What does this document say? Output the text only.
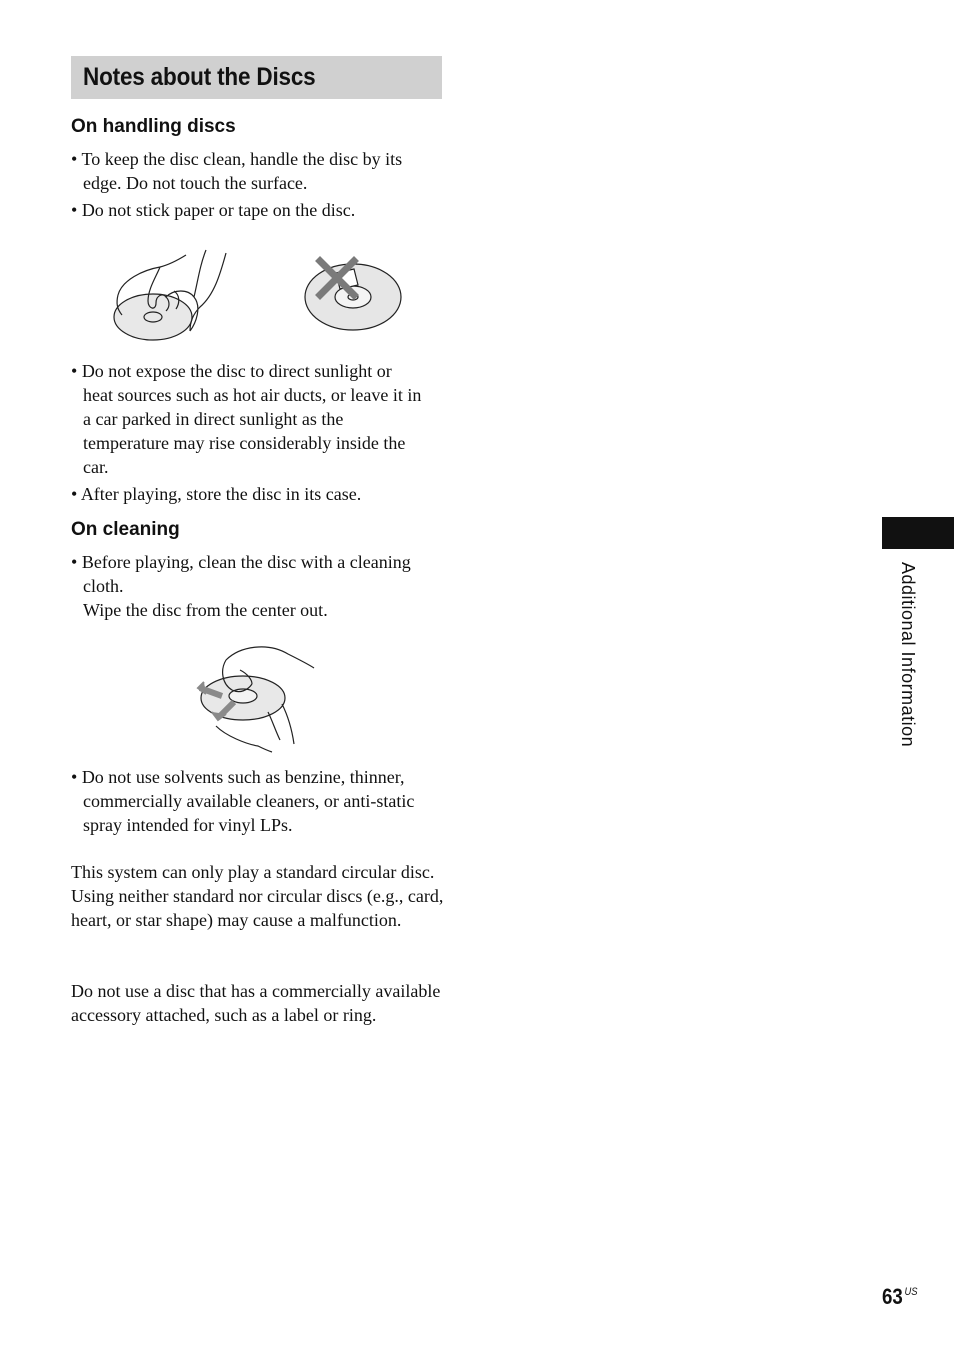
Notes about the Discs
On handling discs
• To keep the disc clean, handle the disc by its
edge. Do not touch the surface.
• Do not stick paper or tape on the disc.
• Do not expose the disc to direct sunlight or
heat sources such as hot air ducts, or leave it in
a car parked in direct sunlight as the
temperature may rise considerably inside the
car.
• After playing, store the disc in its case.
On cleaning
• Before playing, clean the disc with a cleaning
cloth.
Wipe the disc from the center out.
• Do not use solvents such as benzine, thinner,
commercially available cleaners, or anti-static
spray intended for vinyl LPs.

This system can only play a standard circular disc. Using neither standard nor circular discs (e.g., card, heart, or star shape) may cause a malfunction.

Do not use a disc that has a commercially available accessory attached, such as a label or ring.

Additional Information
63 $^{US}$
